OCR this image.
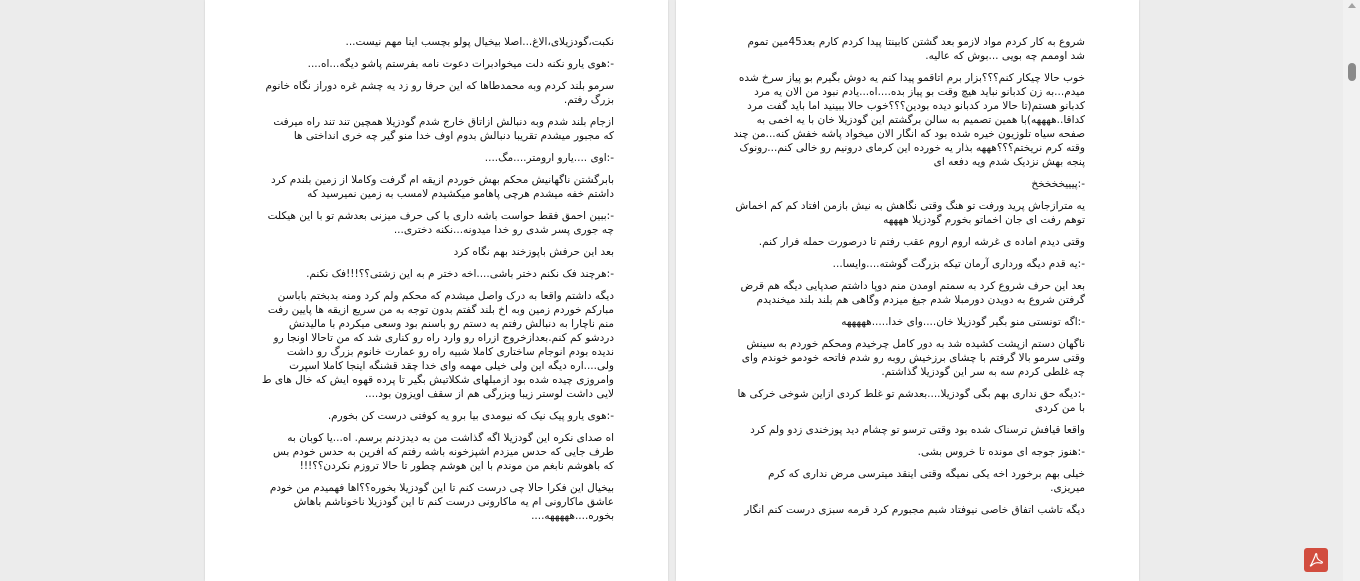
نکبت،گودزیلای،الاغ...اصلا بیخیال پولو بچسب اینا مهم نیست...

-:هوی یارو نکنه دلت میخوادبرات دعوت نامه بفرستم پاشو دیگه...اه....

سرمو بلند کردم وبه محمدطاها که این حرفا رو زد یه چشم غره دوراز نگاه خانوم بزرگ رفتم.

ازجام بلند شدم وبه دنبالش ازاتاق خارج شدم گودزیلا همچین تند تند راه میرفت که مجبور میشدم تقریبا دنبالش بدوم اوف خدا منو گیر چه خری انداختی ها

-:اوی ....یارو ارومتر....مگ....

بابرگشتن ناگهانیش محکم بهش خوردم ازیقه ام گرفت وکاملا از زمین بلندم کرد داشتم خفه میشدم هرچی پاهامو میکشیدم لامسب به زمین نمیرسید که

-:ببین احمق فقط حواست باشه داری با کی حرف میزنی بعدشم تو با این هیکلت چه جوری پسر شدی رو خدا میدونه...نکنه دختری...

بعد این حرفش باپوزخند بهم نگاه کرد

-:هرچند فک نکنم دختر باشی....اخه دختر م به این زشتی؟؟!!!فک نکنم.

دیگه داشتم واقعا به درک واصل میشدم که محکم ولم کرد ومنه بدبختم باباسن مبارکم خوردم زمین وبه اخ بلند گفتم بدون توجه به من سریع ازیقه ها پایین رفت منم ناچارا به دنبالش رفتم یه دستم رو باسنم بود وسعی میکردم با مالیدنش دردشو کم کنم.بعدازخروج ازراه رو وارد راه رو کناری شد که من تاحالا اونجا رو ندیده بودم انوجام ساختاری کاملا شبیه راه رو عمارت خانوم بزرگ رو داشت ولی....اره دیگه این ولی خیلی مهمه وای خدا چقد قشنگه اینجا کاملا اسپرت وامروزی چیده شده بود ازمبلهای شکلاتیش بگیر تا پرده قهوه ایش که خال های ط لایی داشت لوستر زیبا وبزرگی هم از سقف اویزون بود....

-:هوی یارو پیک نیک که نیومدی بیا برو یه کوفتی درست کن بخورم.

اه صدای نکره این گودزیلا اگه گذاشت من به دیدزدنم برسم. اه...یا کوبان به طرف جایی که حدس میزدم اشپزخونه باشه رفتم که افرین به حدس خودم بس که باهوشم نابغم من موندم با این هوشم چطور تا حالا تروزم نکردن؟؟!!!

بیخیال این فکرا حالا چی درست کنم تا این گودزیلا بخوره؟؟اها فهمیدم من خودم عاشق ماکارونی ام یه ماکارونی درست کنم تا این گودزیلا ناخوناشم باهاش بخوره....هههههه....

شروع به کار کردم مواد لازمو بعد گشتن کابینتا پیدا کردم کارم بعد45مین تموم شد اوممم چه بویی ...بوش که عالیه.

خوب حالا چیکار کنم؟؟؟بزار برم اتاقمو پیدا کنم یه دوش بگیرم بو پیاز سرخ شده میدم...به زن کدبانو نباید هیچ وقت بو پیاز بده....اه...یادم نبود من الان یه مرد کدبانو هستم(تا حالا مرد کدبانو دیده بودین؟؟؟خوب حالا ببینید اما باید گفت مرد کداقا..ههههه)با همین تصمیم به سالن برگشتم این گودزیلا خان با یه اخمی به صفحه سیاه تلوزیون خیره شده بود که انگار الان میخواد پاشه خفش کنه...من چند وقته کرم نریختم؟؟؟هههه بذار یه خورده این کرمای درونیم رو خالی کنم...رونوک پنجه بهش نزدیک شدم ویه دفعه ای

-:پیییخخخخخ

یه مترازجاش پرید ورفت تو هنگ وقتی نگاهش به نیش بازمن افتاد کم کم اخماش توهم رفت ای جان اخماتو بخورم گودزیلا ههههه

وقتی دیدم اماده ی غرشه اروم اروم عقب رفتم تا درصورت حمله فرار کنم.

-:یه قدم دیگه ورداری آرمان تیکه بزرگت گوشته....وایسا...

بعد این حرف شروع کرد به سمتم اومدن منم دوپا داشتم صدپایی دیگه هم قرض گرفتن شروع به دویدن دورمبلا شدم جیغ میزدم وگاهی هم بلند بلند میخندیدم

-:اگه تونستی منو بگیر گودزیلا خان....وای خدا.....هههههه

ناگهان دستم ازپشت کشیده شد به دور کامل چرخیدم ومحکم خوردم به سینش وقتی سرمو بالا گرفتم با چشای برزخیش روبه رو شدم فاتحه خودمو خوندم وای چه غلطی کردم سه به سر این گودزیلا گذاشتم.

-:دیگه حق نداری بهم بگی گودزیلا....بعدشم تو غلط کردی ازاین شوخی خرکی ها با من کردی

واقعا قیافش ترسناک شده بود وقتی ترسو تو چشام دید پوزخندی زدو ولم کرد

-:هنوز جوجه ای مونده تا خروس بشی.

خیلی بهم برخورد اخه یکی نمیگه وقتی اینقد میترسی مرض نداری که کرم میریزی.

دیگه تاشب اتفاق خاصی نیوفتاد شبم مجبورم کرد قرمه سبزی درست کنم انگار
